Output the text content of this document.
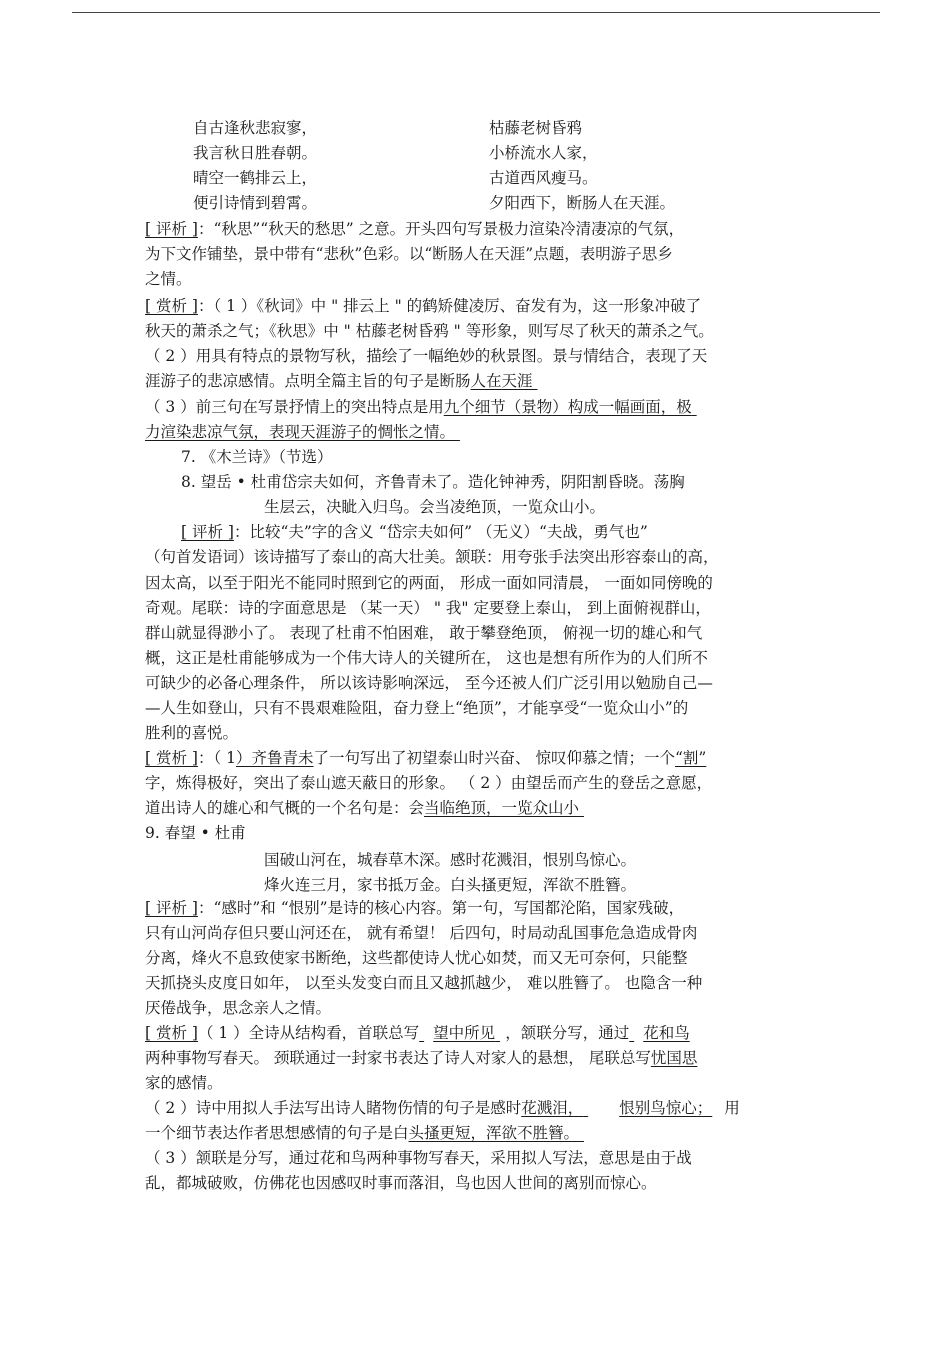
自古逢秋悲寂寥，
我言秋日胜春朝。
晴空一鹤排云上，
便引诗情到碧霄。
枯藤老树昏鸦
小桥流水人家，
古道西风瘦马。
夕阳西下，断肠人在天涯。
[ 评析 ]：“秋思”“秋天的愁思” 之意。开头四句写景极力渲染冷清凄凉的气氛，
为下文作铺垫，景中带有“悲秋”色彩。以“断肠人在天涯”点题，表明游子思乡
之情。
[ 赏析 ]：（ 1 ）《秋词》中 " 排云上 " 的鹤矫健凌厉、奋发有为，这一形象冲破了
秋天的萧杀之气；《秋思》中 " 枯藤老树昏鸦 " 等形象，则写尽了秋天的萧杀之气。
（ 2 ）用具有特点的景物写秋，描绘了一幅绝妙的秋景图。景与情结合，表现了天
涯游子的悲凉感情。点明全篇主旨的句子是断肠人在天涯
（ 3 ）前三句在写景抒情上的突出特点是用九个细节（景物）构成一幅画面，极
力渲染悲凉气氛，表现天涯游子的惆怅之情。
7. 《木兰诗》（节选）
8. 望岳 • 杜甫岱宗夫如何，齐鲁青未了。造化钟神秀，阴阳割昏晓。荡胸
生层云，决眦入归鸟。会当凌绝顶，一览众山小。
[ 评析 ]：比较“夫”字的含义 “岱宗夫如何” （无义）“夫战，勇气也”
（句首发语词）该诗描写了泰山的高大壮美。颔联：用夸张手法突出形容泰山的高，
因太高，以至于阳光不能同时照到它的两面， 形成一面如同清晨， 一面如同傍晚的
奇观。尾联：诗的字面意思是 （某一天） " 我" 定要登上泰山， 到上面俯视群山，
群山就显得渺小了。 表现了杜甫不怕困难， 敢于攀登绝顶， 俯视一切的雄心和气
概，这正是杜甫能够成为一个伟大诗人的关键所在， 这也是想有所作为的人们所不
可缺少的必备心理条件， 所以该诗影响深远， 至今还被人们广泛引用以勉励自己—
—人生如登山，只有不畏艰难险阻，奋力登上“绝顶”，才能享受“一览众山小”的
胜利的喜悦。
[ 赏析 ]：（ 1）齐鲁青未了一句写出了初望泰山时兴奋、 惊叹仰慕之情；一个“割”
字，炼得极好，突出了泰山遮天蔽日的形象。 （ 2 ）由望岳而产生的登岳之意愿，
道出诗人的雄心和气概的一个名句是：会当临绝顶，一览众山小
9. 春望 • 杜甫
国破山河在，城春草木深。感时花溅泪，恨别鸟惊心。
烽火连三月，家书抵万金。白头搔更短，浑欲不胜簪。
[ 评析 ]：“感时”和 “恨别”是诗的核心内容。第一句，写国都沦陷，国家残破，
只有山河尚存但只要山河还在， 就有希望！ 后四句，时局动乱国事危急造成骨肉
分离，烽火不息致使家书断绝，这些都使诗人忧心如焚，而又无可奈何，只能整
天抓挠头皮度日如年， 以至头发变白而且又越抓越少， 难以胜簪了。 也隐含一种
厌倦战争，思念亲人之情。
[ 赏析 ]（ 1 ）全诗从结构看，首联总写 望中所见 ，颔联分写，通过 花和鸟
两种事物写春天。 颈联通过一封家书表达了诗人对家人的悬想， 尾联总写忧国思
家的感情。
（ 2 ）诗中用拟人手法写出诗人睹物伤情的句子是感时花溅泪， 恨别鸟惊心； 用
一个细节表达作者思想感情的句子是白头搔更短，浑欲不胜簪。
（ 3 ）颔联是分写，通过花和鸟两种事物写春天，采用拟人写法，意思是由于战
乱，都城破败，仿佛花也因感叹时事而落泪，鸟也因人世间的离别而惊心。
